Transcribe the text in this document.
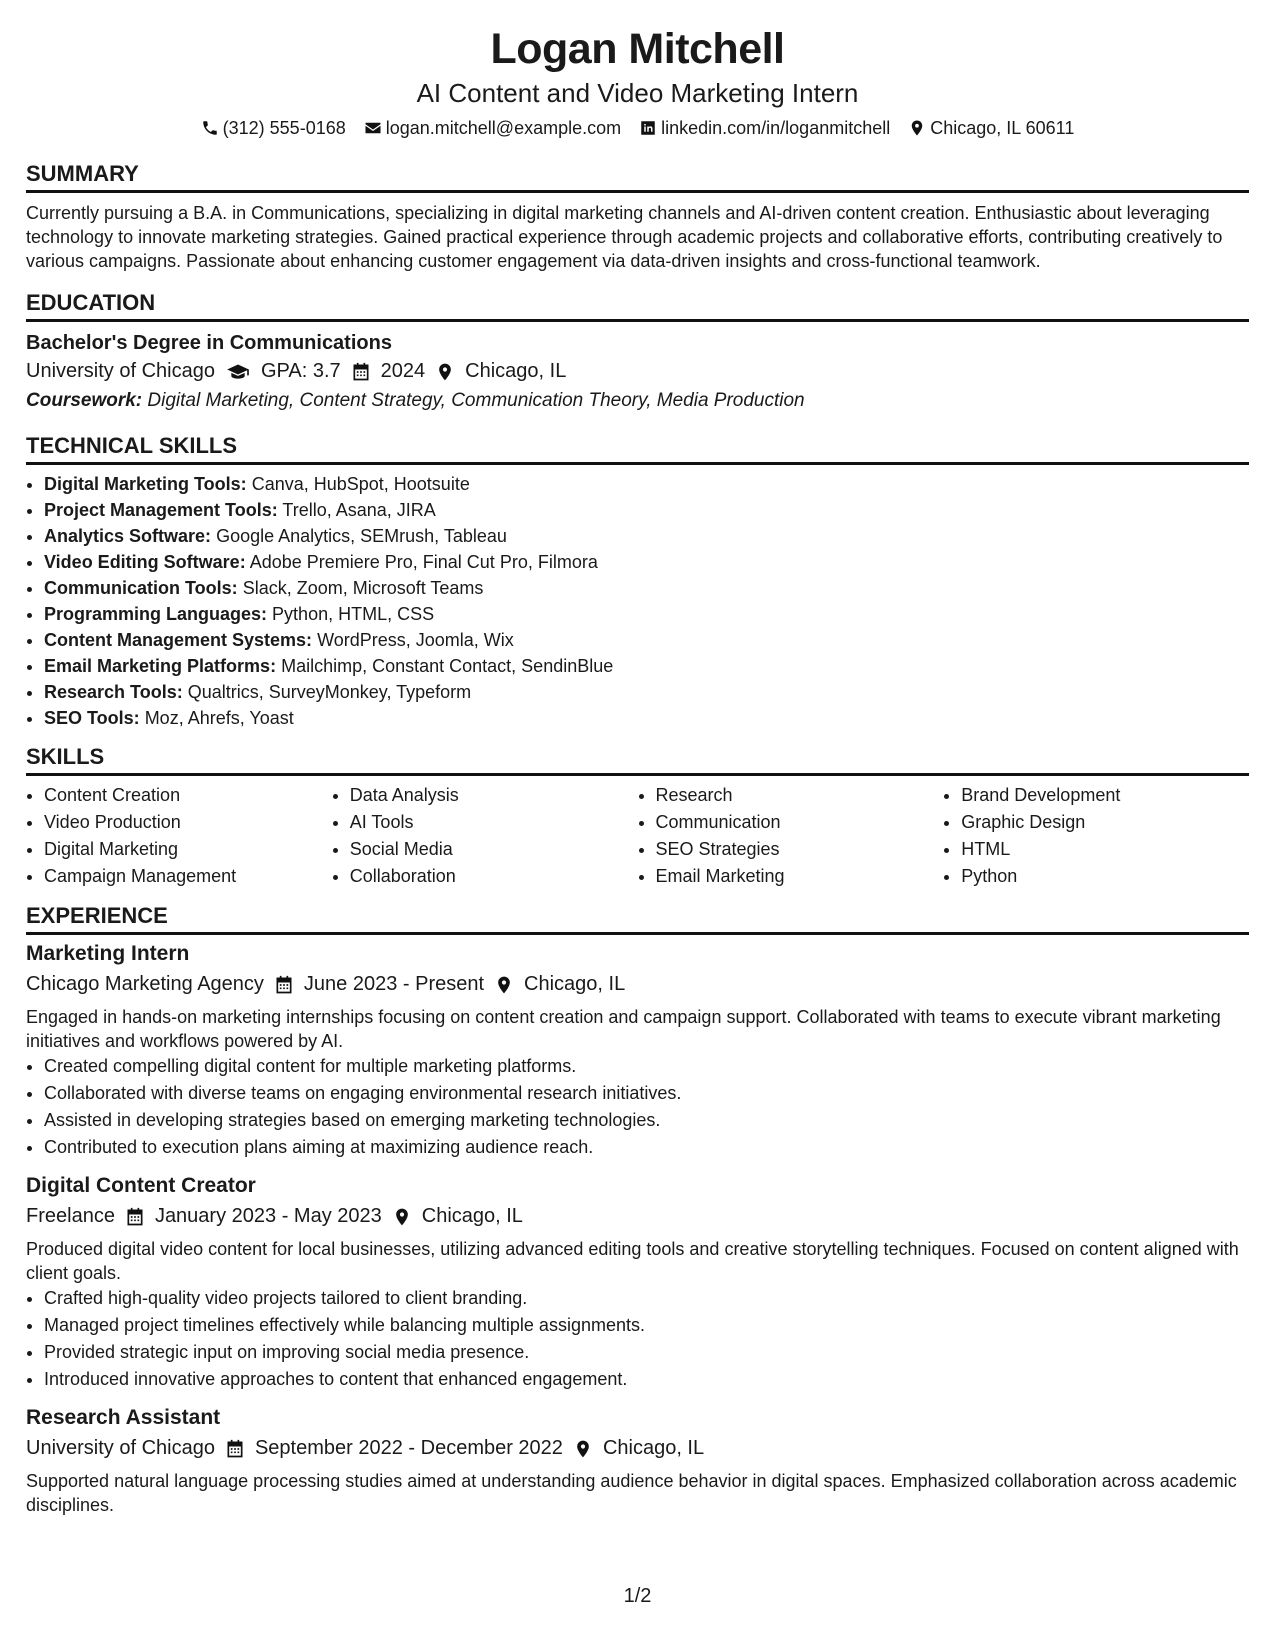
Logan Mitchell
AI Content and Video Marketing Intern
(312) 555-0168 logan.mitchell@example.com linkedin.com/in/loganmitchell Chicago, IL 60611
SUMMARY

Currently pursuing a B.A. in Communications, specializing in digital marketing channels and AI-driven content creation. Enthusiastic about leveraging technology to innovate marketing strategies. Gained practical experience through academic projects and collaborative efforts, contributing creatively to various campaigns. Passionate about enhancing customer engagement via data-driven insights and cross-functional teamwork.

EDUCATION
Bachelor's Degree in Communications
University of Chicago GPA: 3.7 2024 Chicago, IL
Coursework: Digital Marketing, Content Strategy, Communication Theory, Media Production
TECHNICAL SKILLS
• Digital Marketing Tools: Canva, HubSpot, Hootsuite
• Project Management Tools: Trello, Asana, JIRA
• Analytics Software: Google Analytics, SEMrush, Tableau
• Video Editing Software: Adobe Premiere Pro, Final Cut Pro, Filmora
• Communication Tools: Slack, Zoom, Microsoft Teams
• Programming Languages: Python, HTML, CSS
• Content Management Systems: WordPress, Joomla, Wix
• Email Marketing Platforms: Mailchimp, Constant Contact, SendinBlue
• Research Tools: Qualtrics, SurveyMonkey, Typeform
• SEO Tools: Moz, Ahrefs, Yoast
SKILLS
• Content Creation
• Video Production
• Digital Marketing
• Campaign Management
• Data Analysis
• AI Tools
• Social Media
• Collaboration
• Research
• Communication
• SEO Strategies
• Email Marketing
• Brand Development
• Graphic Design
• HTML
• Python
EXPERIENCE
Marketing Intern
Chicago Marketing Agency June 2023 - Present Chicago, IL

Engaged in hands-on marketing internships focusing on content creation and campaign support. Collaborated with teams to execute vibrant marketing initiatives and workflows powered by AI.

• Created compelling digital content for multiple marketing platforms.
• Collaborated with diverse teams on engaging environmental research initiatives.
• Assisted in developing strategies based on emerging marketing technologies.
• Contributed to execution plans aiming at maximizing audience reach.
Digital Content Creator
Freelance January 2023 - May 2023 Chicago, IL

Produced digital video content for local businesses, utilizing advanced editing tools and creative storytelling techniques. Focused on content aligned with client goals.

• Crafted high-quality video projects tailored to client branding.
• Managed project timelines effectively while balancing multiple assignments.
• Provided strategic input on improving social media presence.
• Introduced innovative approaches to content that enhanced engagement.
Research Assistant
University of Chicago September 2022 - December 2022 Chicago, IL

Supported natural language processing studies aimed at understanding audience behavior in digital spaces. Emphasized collaboration across academic disciplines.

1/2
